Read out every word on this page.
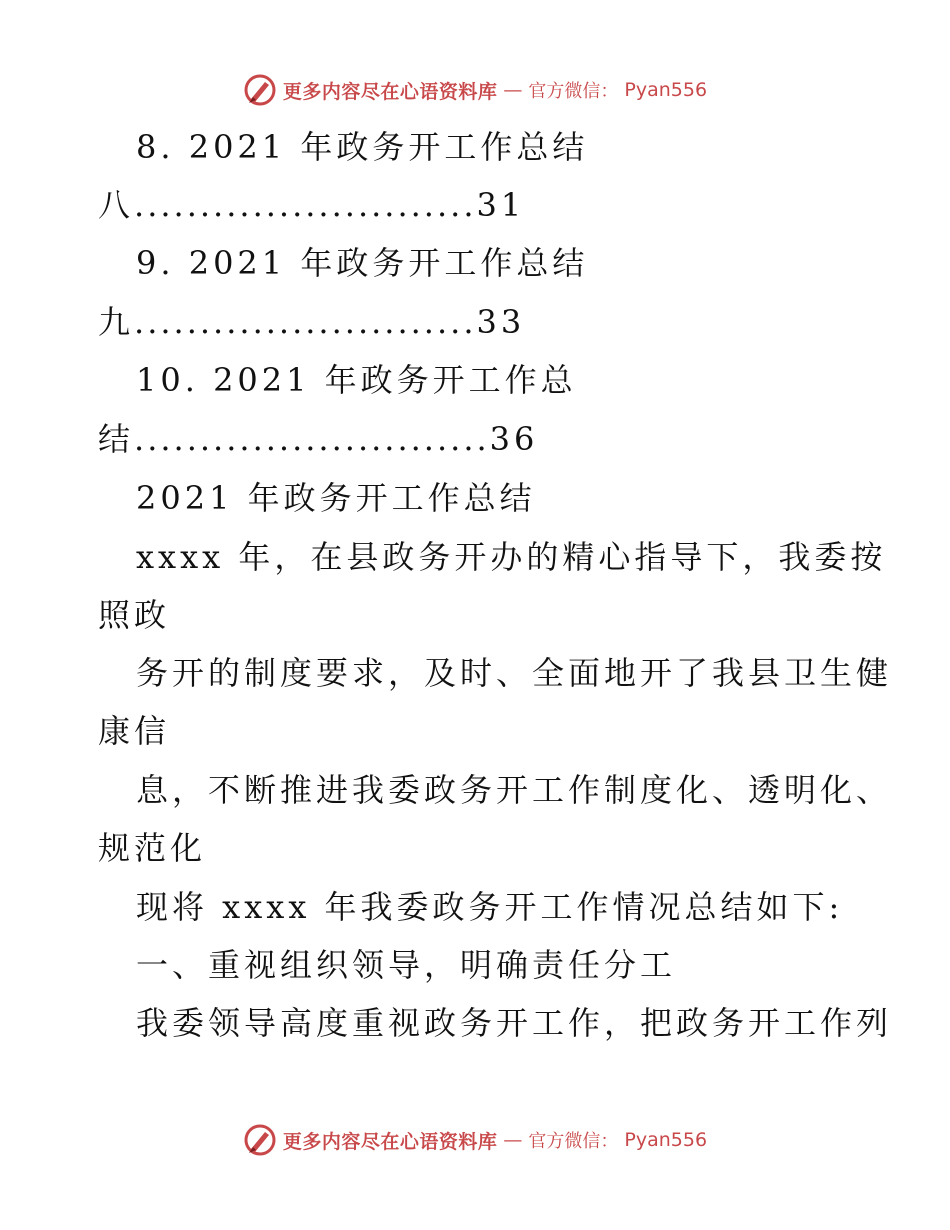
更多内容尽在心语资料库 — 官方微信： Pyan556
8. 2021 年政务开工作总结
八..........................31
9. 2021 年政务开工作总结
九..........................33
10. 2021 年政务开工作总
结...........................36
2021 年政务开工作总结
xxxx 年，在县政务开办的精心指导下，我委按
照政
务开的制度要求，及时、全面地开了我县卫生健
康信
息，不断推进我委政务开工作制度化、透明化、
规范化
现将 xxxx 年我委政务开工作情况总结如下:
一、重视组织领导，明确责任分工
我委领导高度重视政务开工作，把政务开工作列
更多内容尽在心语资料库 — 官方微信： Pyan556
